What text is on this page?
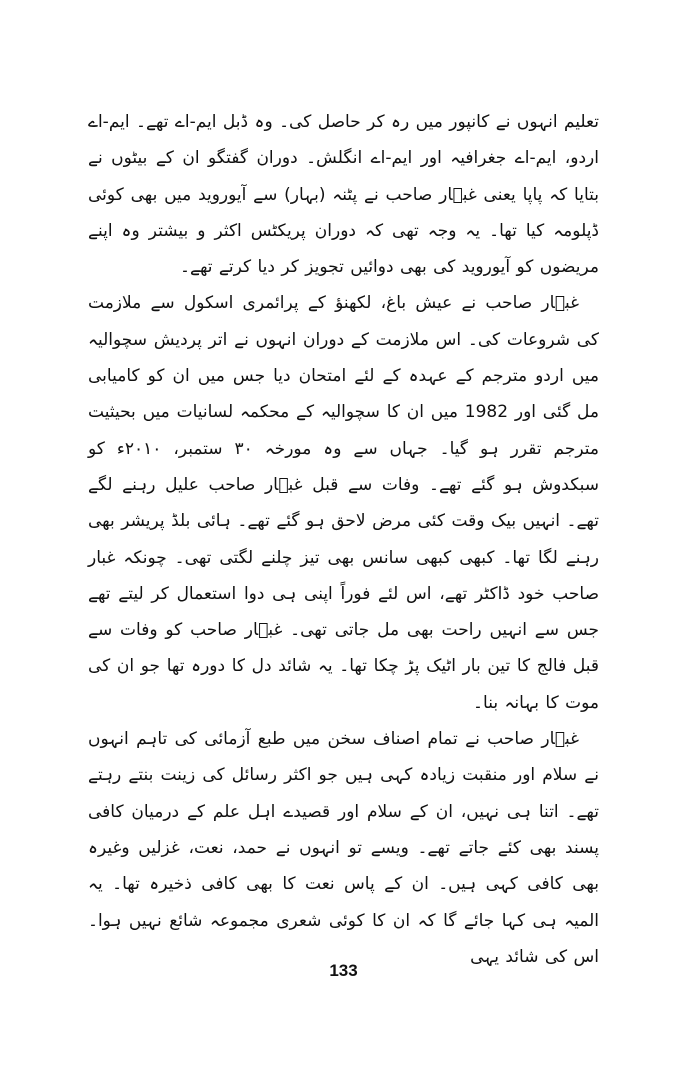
تعلیم انہوں نے کانپور میں رہ کر حاصل کی۔ وہ ڈبل ایم-اے تھے۔ ایم-اے اردو، ایم-اے جغرافیہ اور ایم-اے انگلش۔ دوران گفتگو ان کے بیٹوں نے بتایا کہ پاپا یعنی غبؔار صاحب نے پٹنہ (بہار) سے آیوروید میں بھی کوئی ڈپلومہ کیا تھا۔ یہ وجہ تھی کہ دوران پریکٹس اکثر و بیشتر وہ اپنے مریضوں کو آیوروید کی بھی دوائیں تجویز کر دیا کرتے تھے۔

غبؔار صاحب نے عیش باغ، لکھنؤ کے پرائمری اسکول سے ملازمت کی شروعات کی۔ اس ملازمت کے دوران انہوں نے اتر پردیش سچوالیہ میں اردو مترجم کے عہدہ کے لئے امتحان دیا جس میں ان کو کامیابی مل گئی اور 1982 میں ان کا سچوالیہ کے محکمہ لسانیات میں بحیثیت مترجم تقرر ہو گیا۔ جہاں سے وہ مورخہ ۳۰ ستمبر، ۲۰۱۰ء کو سبکدوش ہو گئے تھے۔ وفات سے قبل غبؔار صاحب علیل رہنے لگے تھے۔ انہیں بیک وقت کئی مرض لاحق ہو گئے تھے۔ ہائی بلڈ پریشر بھی رہنے لگا تھا۔ کبھی کبھی سانس بھی تیز چلنے لگتی تھی۔ چونکہ غبار صاحب خود ڈاکٹر تھے، اس لئے فوراً اپنی ہی دوا استعمال کر لیتے تھے جس سے انہیں راحت بھی مل جاتی تھی۔ غبؔار صاحب کو وفات سے قبل فالج کا تین بار اٹیک پڑ چکا تھا۔ یہ شائد دل کا دورہ تھا جو ان کی موت کا بہانہ بنا۔

غبؔار صاحب نے تمام اصناف سخن میں طبع آزمائی کی تاہم انہوں نے سلام اور منقبت زیادہ کہی ہیں جو اکثر رسائل کی زینت بنتے رہتے تھے۔ اتنا ہی نہیں، ان کے سلام اور قصیدے اہل علم کے درمیان کافی پسند بھی کئے جاتے تھے۔ ویسے تو انہوں نے حمد، نعت، غزلیں وغیرہ بھی کافی کہی ہیں۔ ان کے پاس نعت کا بھی کافی ذخیرہ تھا۔ یہ المیہ ہی کہا جائے گا کہ ان کا کوئی شعری مجموعہ شائع نہیں ہوا۔ اس کی شائد یہی

133
